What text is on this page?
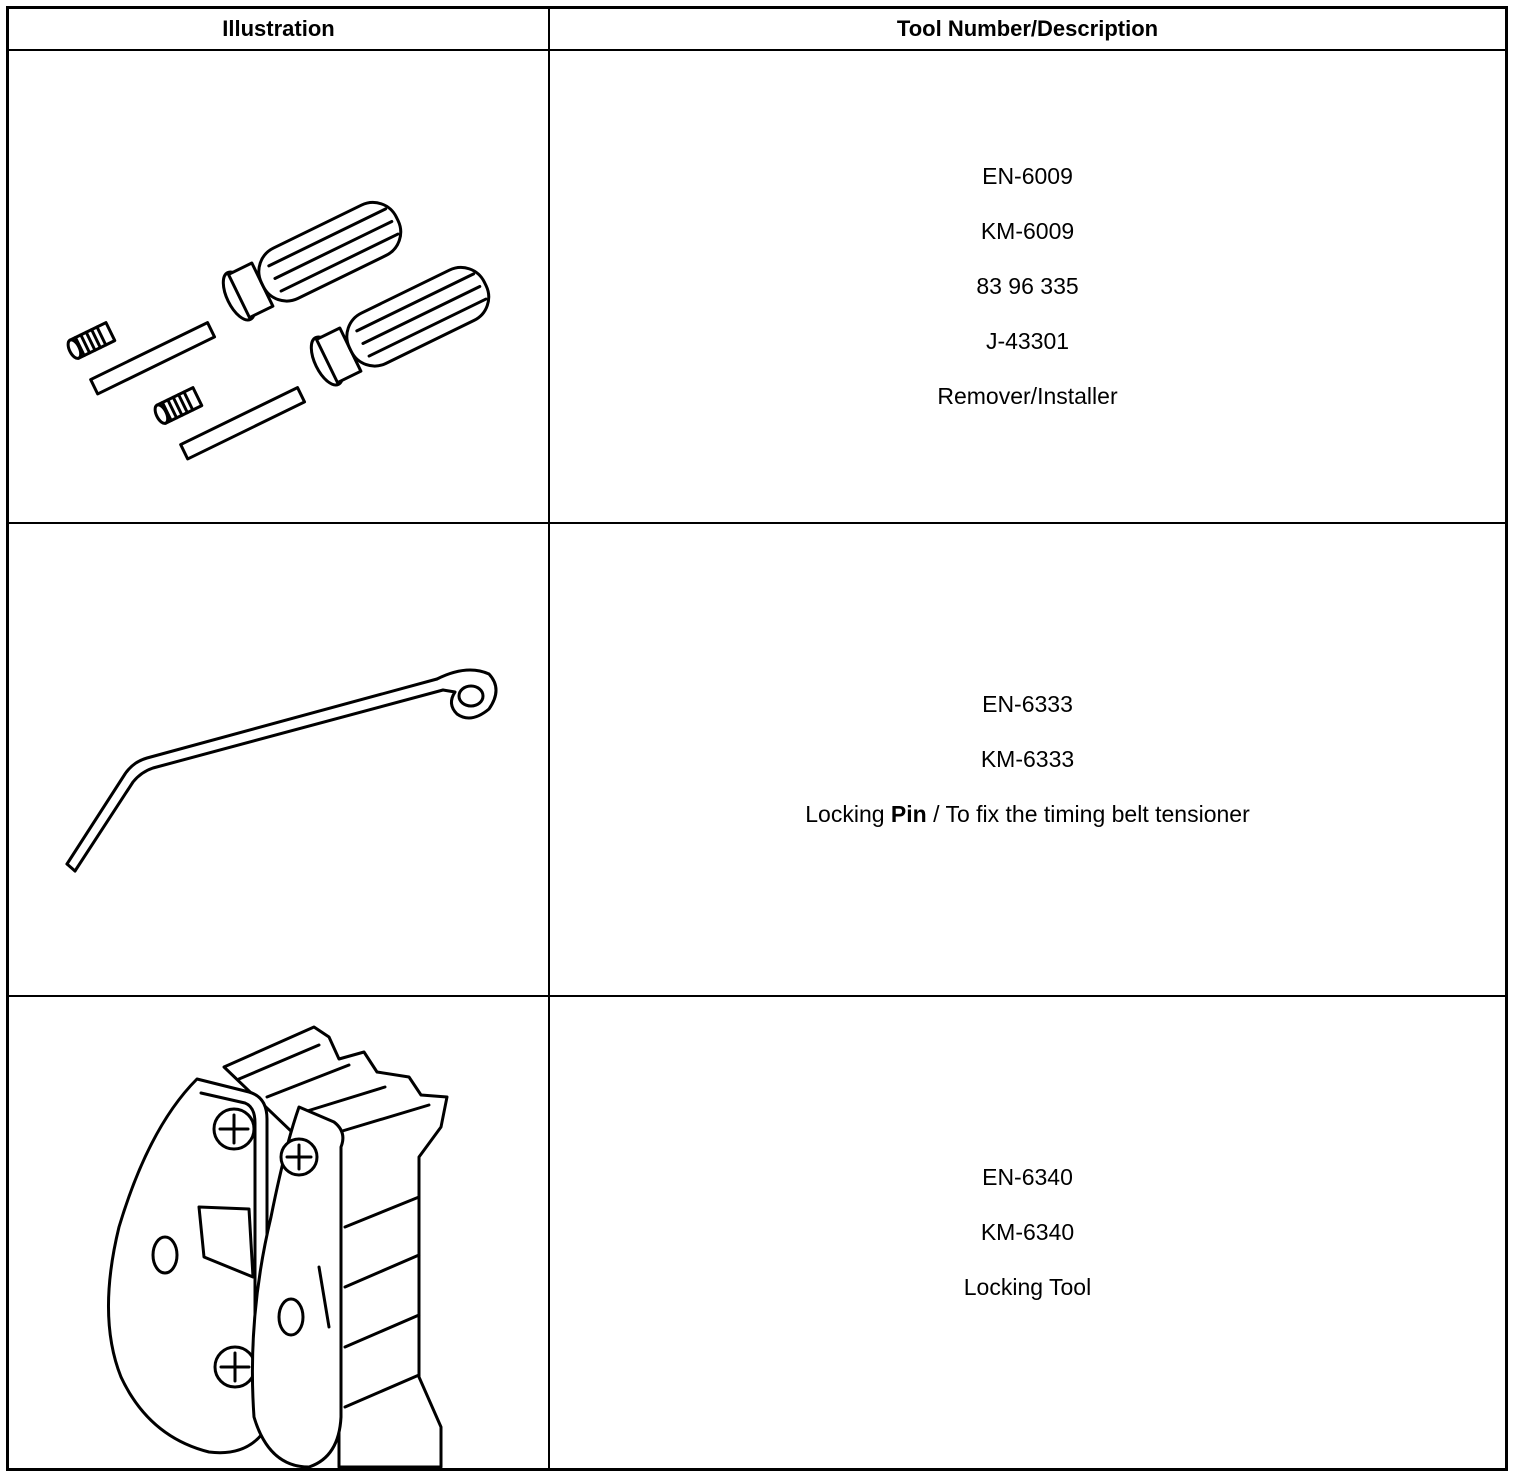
Illustration	Tool Number/Description

EN-6009
KM-6009
83 96 335
J-43301
Remover/Installer

EN-6333
KM-6333
Locking Pin / To fix the timing belt tensioner

EN-6340
KM-6340
Locking Tool
